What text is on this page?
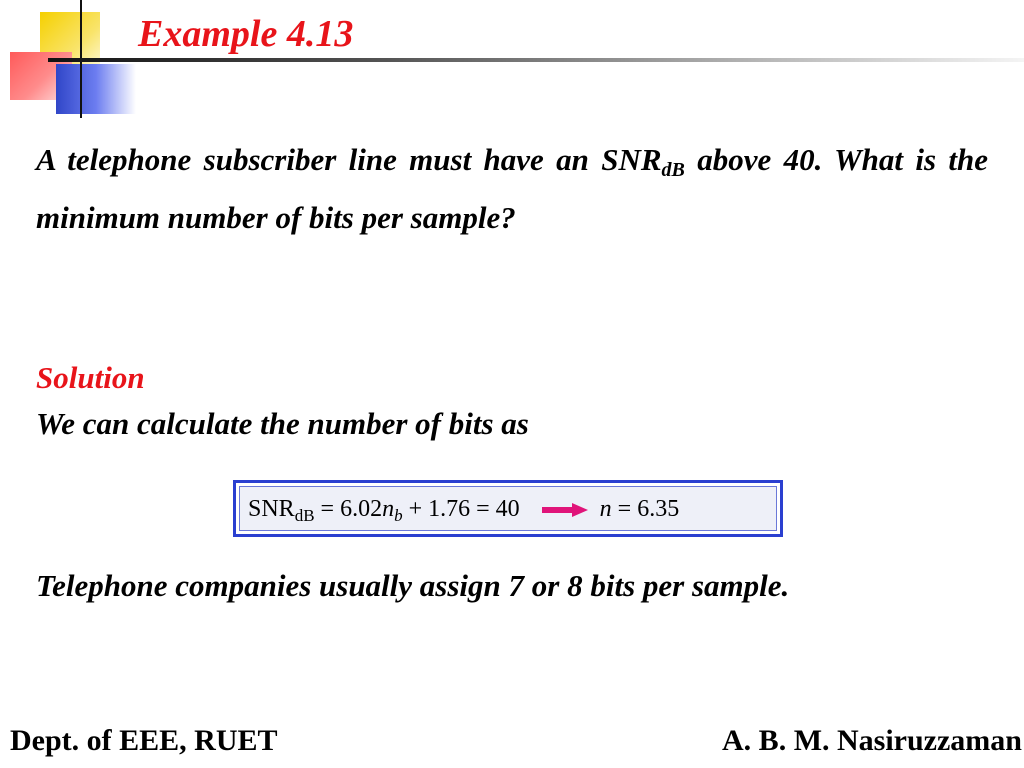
Example 4.13

A telephone subscriber line must have an $SNR_{dB}$ above 40. What is the minimum number of bits per sample?

Solution

We can calculate the number of bits as

$SNR_{dB} = 6.02n_b + 1.76 = 40$	n = 6.35

Telephone companies usually assign 7 or 8 bits per sample.

Dept. of EEE, RUET	A. B. M. Nasiruzzaman
